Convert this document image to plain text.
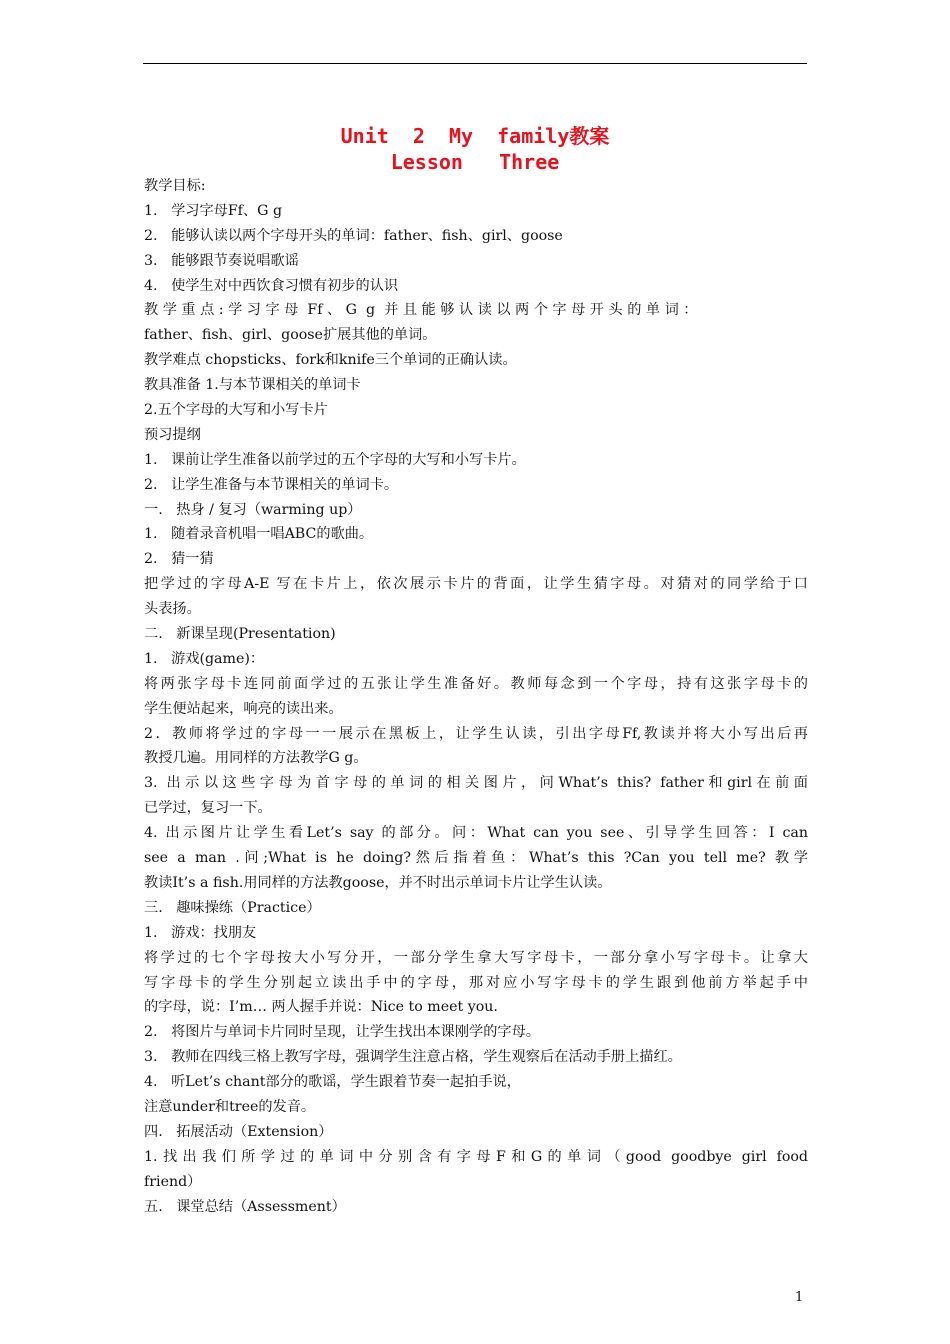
Unit  2  My  family教案
Lesson   Three
教学目标:
1.   学习字母Ff、G g
2.   能够认读以两个字母开头的单词：father、fish、girl、goose
3.   能够跟节奏说唱歌谣
4.   使学生对中西饮食习惯有初步的认识
教 学 重 点 : 学 习 字 母  Ff 、 G  g  并 且 能 够 认 读 以 两 个 字 母 开 头 的 单 词 ：
father、fish、girl、goose扩展其他的单词。
教学难点 chopsticks、fork和knife三个单词的正确认读。
教具准备 1.与本节课相关的单词卡
2.五个字母的大写和小写卡片
预习提纲
1.   课前让学生准备以前学过的五个字母的大写和小写卡片。
2.   让学生准备与本节课相关的单词卡。
一.   热身 / 复习（warming up）
1.   随着录音机唱一唱ABC的歌曲。
2.   猜一猜
把学过的字母A-E 写在卡片上，依次展示卡片的背面，让学生猜字母。对猜对的同学给于口
头表扬。
二.   新课呈现(Presentation)
1.   游戏(game)：
将两张字母卡连同前面学过的五张让学生准备好。教师每念到一个字母，持有这张字母卡的
学生便站起来，响亮的读出来。
2．教师将学过的字母一一展示在黑板上，让学生认读，引出字母Ff,教读并将大小写出后再
教授几遍。用同样的方法教学G g。
3. 出示以这些字母为首字母的单词的相关图片，问What’s this? father和girl在前面
已学过，复习一下。
4. 出示图片让学生看Let’s say 的部分。问：What can you see、引导学生回答：I can
see a man .问;What is he doing?然后指着鱼：What’s this ?Can you tell me? 教学
教读It’s a fish.用同样的方法教goose，并不时出示单词卡片让学生认读。
三.   趣味操练（Practice）
1.   游戏：找朋友
将学过的七个字母按大小写分开，一部分学生拿大写字母卡，一部分拿小写字母卡。让拿大
写字母卡的学生分别起立读出手中的字母，那对应小写字母卡的学生跟到他前方举起手中
的字母，说：I’m… 两人握手并说：Nice to meet you.
2.   将图片与单词卡片同时呈现，让学生找出本课刚学的字母。
3.   教师在四线三格上教写字母，强调学生注意占格，学生观察后在活动手册上描红。
4.   听Let’s chant部分的歌谣，学生跟着节奏一起拍手说，
注意under和tree的发音。
四.   拓展活动（Extension）
1.找出我们所学过的单词中分别含有字母F和G的单词（good goodbye girl food
friend）
五.   课堂总结（Assessment）
1
